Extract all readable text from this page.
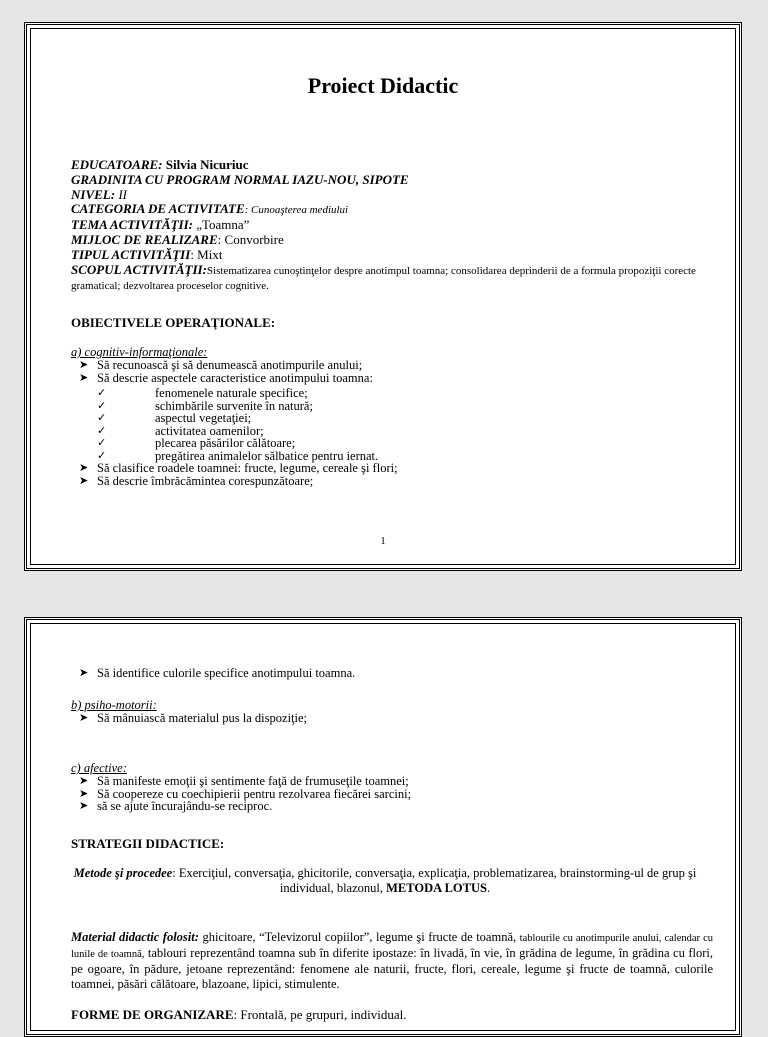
Proiect Didactic
EDUCATOARE: Silvia Nicuriuc
GRADINITA CU PROGRAM NORMAL IAZU-NOU, SIPOTE
NIVEL: II
CATEGORIA DE ACTIVITATE: Cunoaşterea mediului
TEMA ACTIVITĂŢII: „Toamna”
MIJLOC DE REALIZARE: Convorbire
TIPUL ACTIVITĂŢII: Mixt
SCOPUL ACTIVITĂŢII:Sistematizarea cunoştinţelor despre anotimpul toamna; consolidarea deprinderii de a formula propoziţii corecte gramatical; dezvoltarea proceselor cognitive.
OBIECTIVELE OPERAŢIONALE:
a) cognitiv-informaţionale:
➤ Să recunoască şi să denumească anotimpurile anului;
➤ Să descrie aspectele caracteristice anotimpului toamna:
✓	fenomenele naturale specifice;
✓	schimbările survenite în natură;
✓	aspectul vegetaţiei;
✓	activitatea oamenilor;
✓	plecarea păsărilor călătoare;
✓	pregătirea animalelor sălbatice pentru iernat.
➤ Să clasifice roadele toamnei: fructe, legume, cereale şi flori;
➤ Să descrie îmbrăcămintea corespunzătoare;
1
➤ Să identifice culorile specifice anotimpului toamna.
b) psiho-motorii:
➤ Să mânuiască materialul pus la dispoziţie;
c) afective:
➤ Să manifeste emoţii şi sentimente faţă de frumuseţile toamnei;
➤ Să coopereze cu coechipierii pentru rezolvarea fiecărei sarcini;
➤ să se ajute încurajându-se reciproc.
STRATEGII DIDACTICE:
Metode şi procedee: Exerciţiul, conversaţia, ghicitorile, conversaţia, explicaţia, problematizarea, brainstorming-ul de grup şi individual, blazonul, METODA LOTUS.
Material didactic folosit: ghicitoare, “Televizorul copiilor”, legume şi fructe de toamnă, tablourile cu anotimpurile anului, calendar cu lunile de toamnă, tablouri reprezentând toamna sub în diferite ipostaze: în livadă, în vie, în grădina de legume, în grădina cu flori, pe ogoare, în pădure, jetoane reprezentând: fenomene ale naturii, fructe, flori, cereale, legume şi fructe de toamnă, culorile toamnei, păsări călătoare, blazoane, lipici, stimulente.
FORME DE ORGANIZARE: Frontală, pe grupuri, individual.
